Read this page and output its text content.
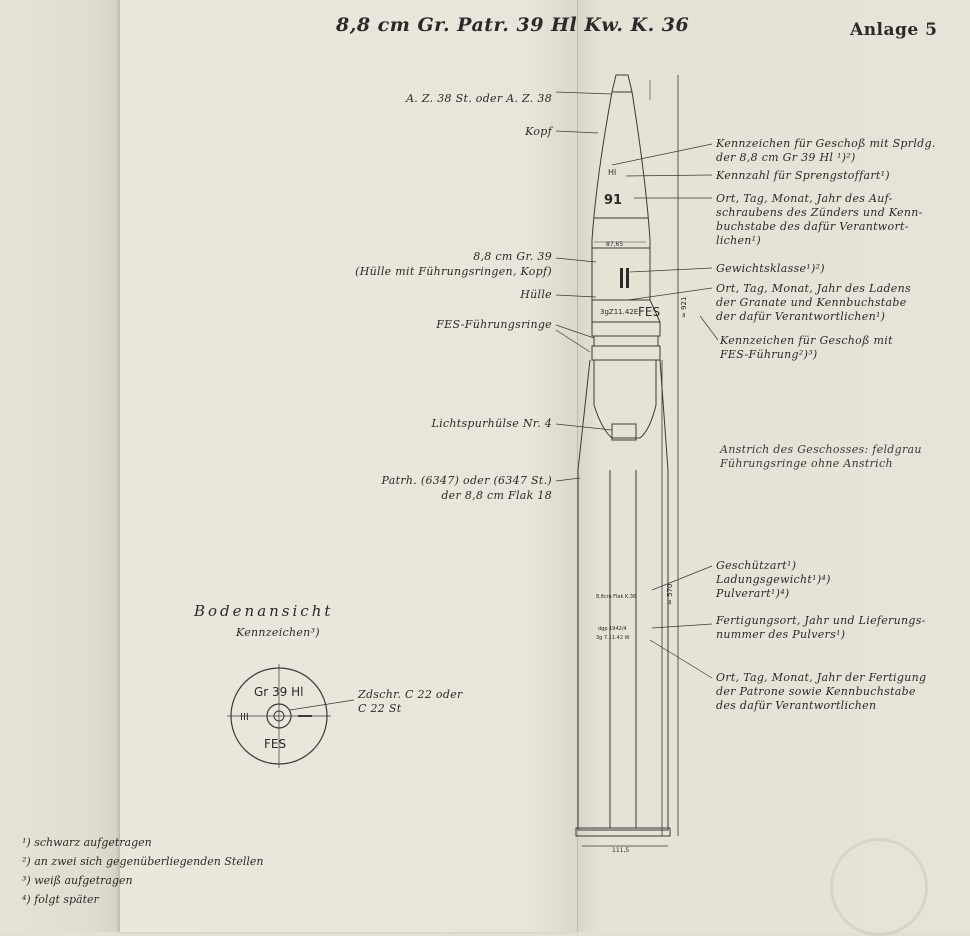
8,8 cm Gr. Patr. 39 Hl Kw. K. 36	Anlage 5
Hl
91
3gZ11.42E FES	≈ 921
≈ 570
87,65
111,5
8,8cm Flak K.36
dgp 1942/4
3g 7.11.42 W
Gr 39 Hl
FES
III
A. Z. 38 St. oder A. Z. 38
Kopf
8,8 cm Gr. 39
(Hülle mit Führungsringen, Kopf)
Hülle
FES-Führungsringe
Lichtspurhülse Nr. 4
Patrh. (6347) oder (6347 St.)
der 8,8 cm Flak 18
Kennzeichen für Geschoß mit Sprldg.
der 8,8 cm Gr 39 Hl ¹)²)
Kennzahl für Sprengstoffart¹)
Ort, Tag, Monat, Jahr des Auf-
schraubens des Zünders und Kenn-
buchstabe des dafür Verantwort-
lichen¹)
Gewichtsklasse¹)²)
Ort, Tag, Monat, Jahr des Ladens
der Granate und Kennbuchstabe
der dafür Verantwortlichen¹)
Kennzeichen für Geschoß mit
FES-Führung²)³)
Anstrich des Geschosses: feldgrau
Führungsringe ohne Anstrich
Geschützart¹)
Ladungsgewicht¹)⁴)
Pulverart¹)⁴)
Fertigungsort, Jahr und Lieferungs-
nummer des Pulvers¹)
Ort, Tag, Monat, Jahr der Fertigung
der Patrone sowie Kennbuchstabe
des dafür Verantwortlichen
Bodenansicht
Kennzeichen³)
Zdschr. C 22 oder
C 22 St
¹) schwarz aufgetragen
²) an zwei sich gegenüberliegenden Stellen
³) weiß aufgetragen
⁴) folgt später
